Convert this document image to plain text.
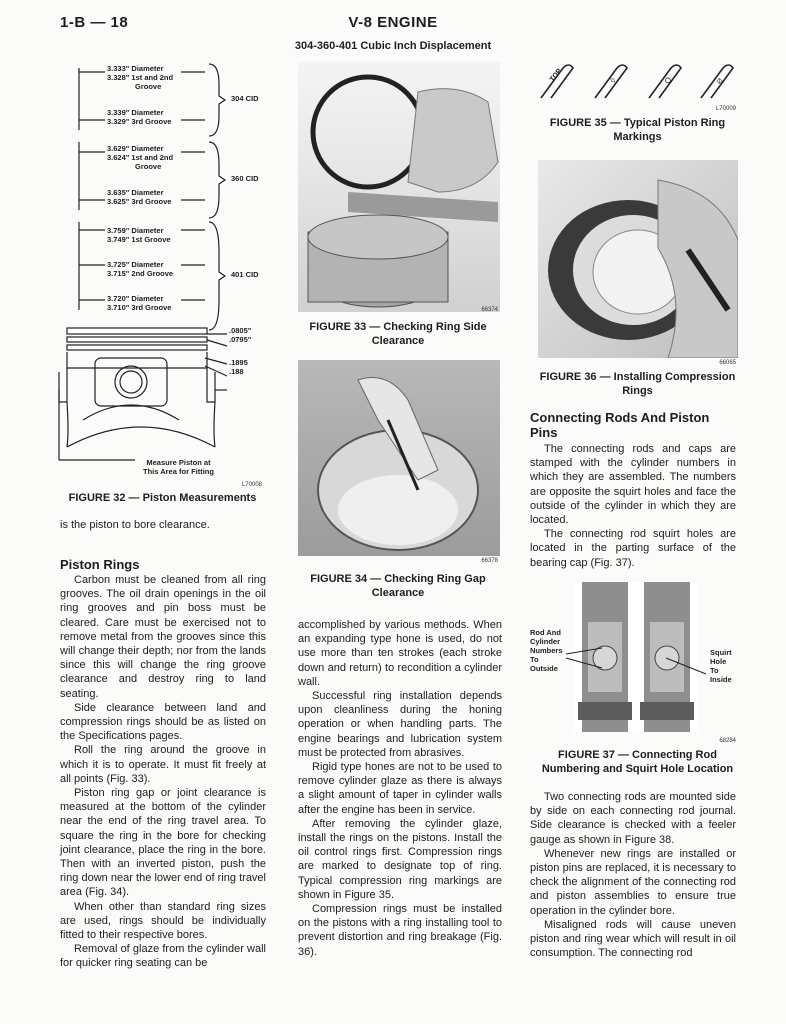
1-B — 18	V-8 ENGINE
304-360-401 Cubic Inch Displacement
3.333" Diameter
3.328" 1st and 2nd
Groove
3.339" Diameter
3.329" 3rd Groove
304 CID
3.629" Diameter
3.624" 1st and 2nd
Groove
3.635" Diameter
3.625" 3rd Groove
360 CID
3.759" Diameter
3.749" 1st Groove
3.725" Diameter
3.715" 2nd Groove
3.720" Diameter
3.710" 3rd Groove
401 CID
.0805"
.0795"
.1895
.188
Measure Piston at
This Area for Fitting
L70008
FIGURE 32 — Piston Measurements

is the piston to bore clearance.

Piston Rings

Carbon must be cleaned from all ring grooves. The oil drain openings in the oil ring grooves and pin boss must be cleared. Care must be exercised not to remove metal from the grooves since this will change their depth; nor from the lands since this will change the ring groove clearance and destroy ring to land seating.

Side clearance between land and compression rings should be as listed on the Specifications pages.

Roll the ring around the groove in which it is to operate. It must fit freely at all points (Fig. 33).

Piston ring gap or joint clearance is measured at the bottom of the cylinder near the end of the ring travel area. To square the ring in the bore for checking joint clearance, place the ring in the bore. Then with an inverted piston, push the ring down near the lower end of ring travel area (Fig. 34).

When other than standard ring sizes are used, rings should be individually fitted to their respective bores.

Removal of glaze from the cylinder wall for quicker ring seating can be

66374
FIGURE 33 — Checking Ring Side Clearance
66378
FIGURE 34 — Checking Ring Gap Clearance

accomplished by various methods. When an expanding type hone is used, do not use more than ten strokes (each stroke down and return) to recondition a cylinder wall.

Successful ring installation depends upon cleanliness during the honing operation or when handling parts. The engine bearings and lubrication system must be protected from abrasives.

Rigid type hones are not to be used to remove cylinder glaze as there is always a slight amount of taper in cylinder walls after the engine has been in service.

After removing the cylinder glaze, install the rings on the pistons. Install the oil control rings first. Compression rings are marked to designate top of ring. Typical compression ring markings are shown in Figure 35.

Compression rings must be installed on the pistons with a ring installing tool to prevent distortion and ring breakage (Fig. 36).

TOP	◊	O	⧄
L70009
FIGURE 35 — Typical Piston Ring Markings
66065
FIGURE 36 — Installing Compression Rings
Connecting Rods And Piston Pins

The connecting rods and caps are stamped with the cylinder numbers in which they are assembled. The numbers are opposite the squirt holes and face the outside of the cylinder in which they are located.

The connecting rod squirt holes are located in the parting surface of the bearing cap (Fig. 37).

Rod And
Cylinder
Numbers
To
Outside
Squirt
Hole
To
Inside
68284
FIGURE 37 — Connecting Rod Numbering and Squirt Hole Location

Two connecting rods are mounted side by side on each connecting rod journal. Side clearance is checked with a feeler gauge as shown in Figure 38.

Whenever new rings are installed or piston pins are replaced, it is necessary to check the alignment of the connecting rod and piston assemblies to ensure true operation in the cylinder bore.

Misaligned rods will cause uneven piston and ring wear which will result in oil consumption. The connecting rod
